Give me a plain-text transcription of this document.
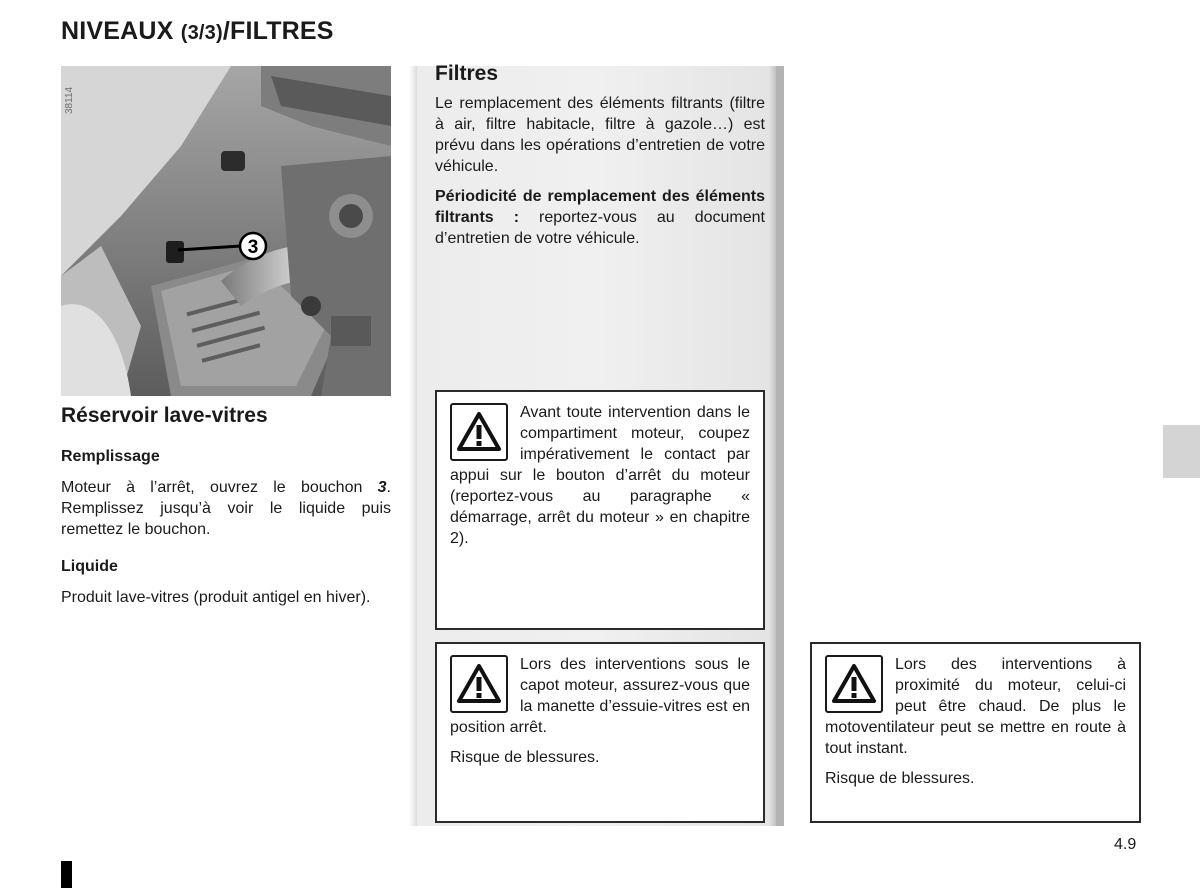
NIVEAUX (3/3)/FILTRES
3
38114
Réservoir lave-vitres
Remplissage

Moteur à l’arrêt, ouvrez le bouchon 3. Remplissez jusqu’à voir le liquide puis remettez le bouchon.

Liquide

Produit lave-vitres (produit antigel en hiver).

Filtres

Le remplacement des éléments filtrants (filtre à air, filtre habitacle, filtre à gazole…) est prévu dans les opérations d’entretien de votre véhicule.

Périodicité de remplacement des éléments filtrants : reportez-vous au document d’entretien de votre véhicule.

Avant toute intervention dans le compartiment moteur, coupez impérativement le contact par appui sur le bouton d’arrêt du moteur (reportez-vous au paragraphe « démarrage, arrêt du moteur » en chapitre 2).

Lors des interventions sous le capot moteur, assurez-vous que la manette d’essuie-vitres est en position arrêt.

Risque de blessures.

Lors des interventions à proximité du moteur, celui-ci peut être chaud. De plus le motoventilateur peut se mettre en route à tout instant.

Risque de blessures.

4.9
